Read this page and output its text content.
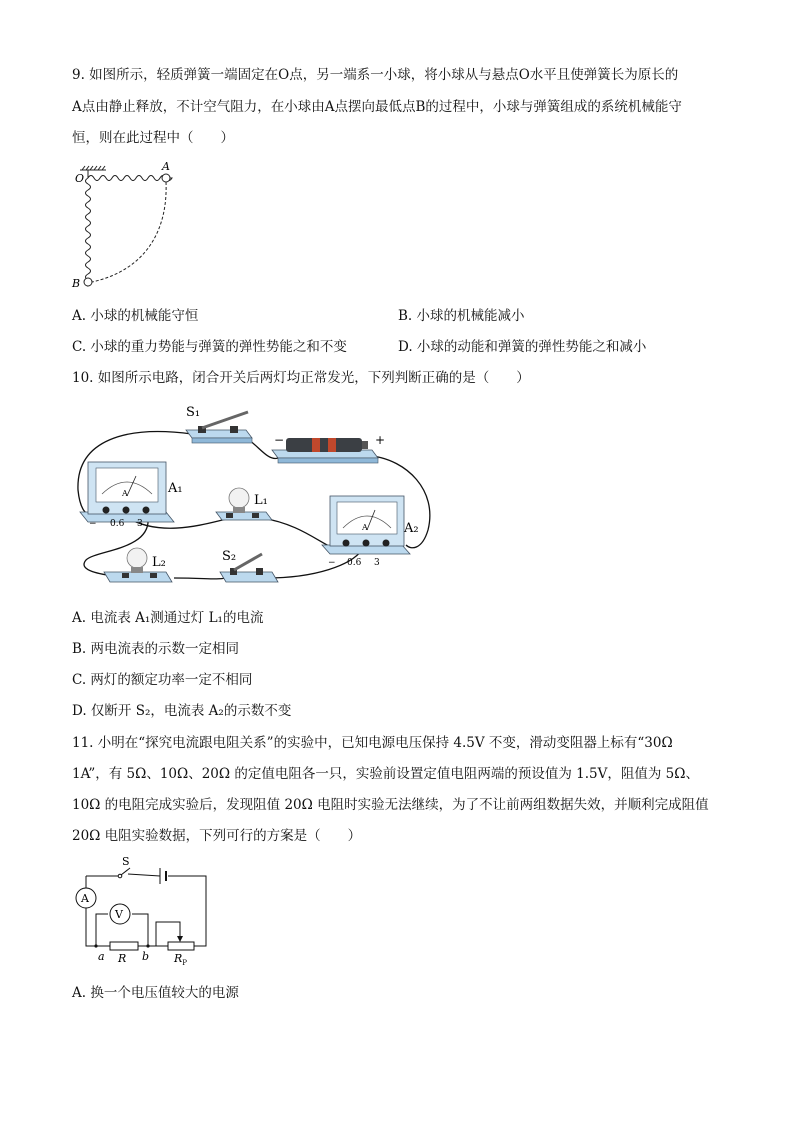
9. 如图所示，轻质弹簧一端固定在O点，另一端系一小球，将小球从与悬点O水平且使弹簧长为原长的
A点由静止释放，不计空气阻力，在小球由A点摆向最低点B的过程中，小球与弹簧组成的系统机械能守
恒，则在此过程中（　　）
O
A
B
A. 小球的机械能守恒	B. 小球的机械能减小
C. 小球的重力势能与弹簧的弹性势能之和不变	D. 小球的动能和弹簧的弹性势能之和减小
10. 如图所示电路，闭合开关后两灯均正常发光，下列判断正确的是（　　）
S₁
−	+
A	A₁
− 0.6 3
L₁
A	A₂
− 0.6 3
L₂	S₂
A. 电流表 A₁测通过灯 L₁的电流
B. 两电流表的示数一定相同
C. 两灯的额定功率一定不相同
D. 仅断开 S₂，电流表 A₂的示数不变
11. 小明在“探究电流跟电阻关系”的实验中，已知电源电压保持 4.5V 不变，滑动变阻器上标有“30Ω
1A”，有 5Ω、10Ω、20Ω 的定值电阻各一只，实验前设置定值电阻两端的预设值为 1.5V，阻值为 5Ω、
10Ω 的电阻完成实验后，发现阻值 20Ω 电阻时实验无法继续，为了不让前两组数据失效，并顺利完成阻值
20Ω 电阻实验数据，下列可行的方案是（　　）
S
A
V
a R b $R_P$
A. 换一个电压值较大的电源
